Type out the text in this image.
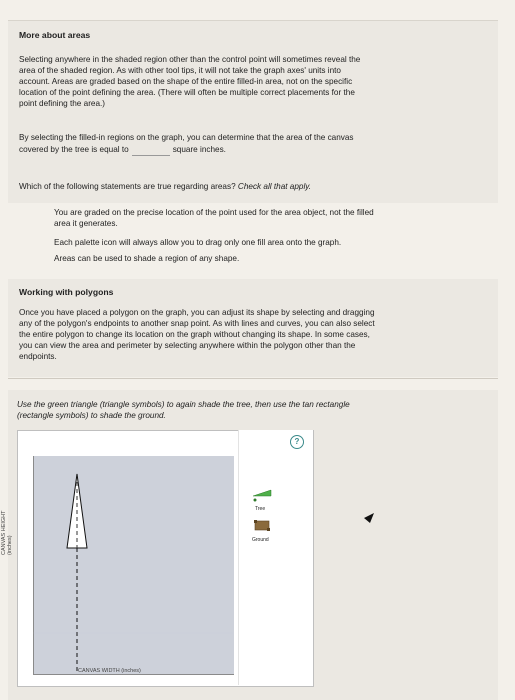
More about areas
Selecting anywhere in the shaded region other than the control point will sometimes reveal the
area of the shaded region. As with other tool tips, it will not take the graph axes' units into
account. Areas are graded based on the shape of the entire filled-in area, not on the specific
location of the point defining the area. (There will often be multiple correct placements for the
point defining the area.)
By selecting the filled-in regions on the graph, you can determine that the area of the canvas
covered by the tree is equal to	square inches.
Which of the following statements are true regarding areas? Check all that apply.
You are graded on the precise location of the point used for the area object, not the filled
area it generates.
Each palette icon will always allow you to drag only one fill area onto the graph.
Areas can be used to shade a region of any shape.
Working with polygons
Once you have placed a polygon on the graph, you can adjust its shape by selecting and dragging
any of the polygon's endpoints to another snap point. As with lines and curves, you can also select
the entire polygon to change its location on the graph without changing its shape. In some cases,
you can view the area and perimeter by selecting anywhere within the polygon other than the
endpoints.
Use the green triangle (triangle symbols) to again shade the tree, then use the tan rectangle
(rectangle symbols) to shade the ground.
CANVAS HEIGHT (inches)
CANVAS WIDTH (inches)
Tree
Ground
?
